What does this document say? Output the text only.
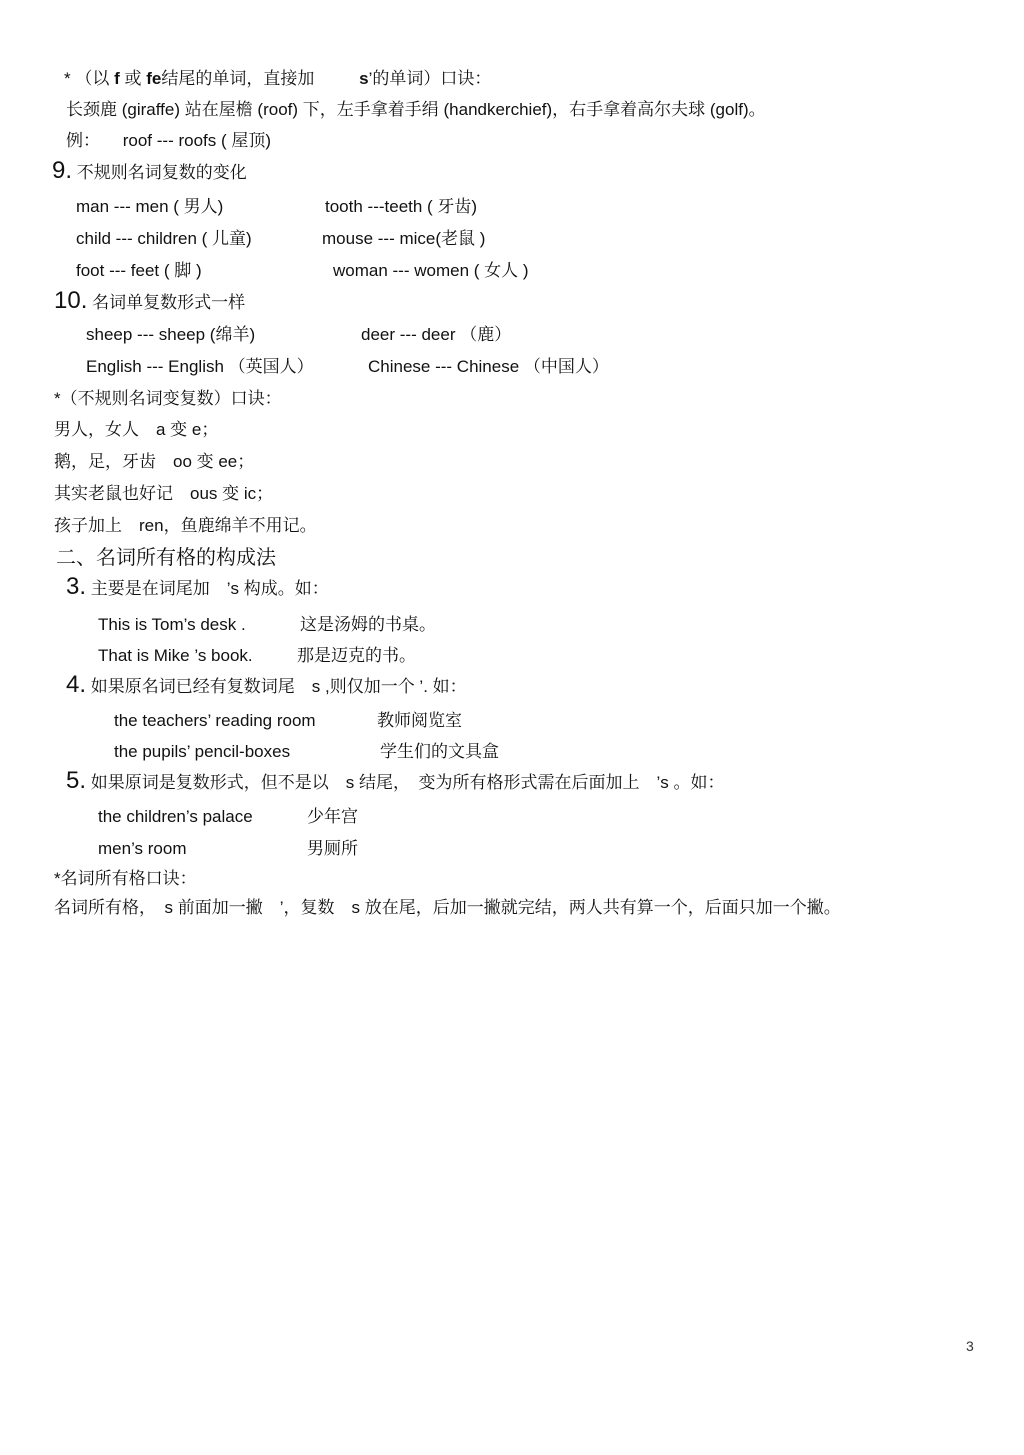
* （以 f 或 fe结尾的单词，直接加	s’的单词）口诀：
长颈鹿 (giraffe) 站在屋檐 (roof) 下，左手拿着手绢 (handkerchief)，右手拿着高尔夫球 (golf)。
例： roof --- roofs ( 屋顶)
9. 不规则名词复数的变化
man --- men ( 男人)	tooth ---teeth ( 牙齿)
child --- children ( 儿童)	mouse --- mice(老鼠 )
foot --- feet ( 脚 )	woman --- women ( 女人 )
10. 名词单复数形式一样
sheep --- sheep (绵羊)	deer --- deer （鹿）
English --- English （英国人）	Chinese --- Chinese （中国人）
*（不规则名词变复数）口诀：
男人，女人　a 变 e；
鹅，足，牙齿　oo 变 ee；
其实老鼠也好记　ous 变 ic；
孩子加上　ren，鱼鹿绵羊不用记。
二、名词所有格的构成法
3. 主要是在词尾加　’s 构成。如：
This is Tom’s desk .	这是汤姆的书桌。
That is Mike ’s book.	那是迈克的书。
4. 如果原名词已经有复数词尾　s ,则仅加一个 ’. 如：
the teachers’ reading room	教师阅览室
the pupils’ pencil-boxes	学生们的文具盒
5. 如果原词是复数形式，但不是以　s 结尾，　变为所有格形式需在后面加上　’s 。如：
the children’s palace	少年宫
men’s room	男厕所
*名词所有格口诀：
名词所有格，　s 前面加一撇　’，复数　s 放在尾，后加一撇就完结，两人共有算一个，后面只加一个撇。
3
